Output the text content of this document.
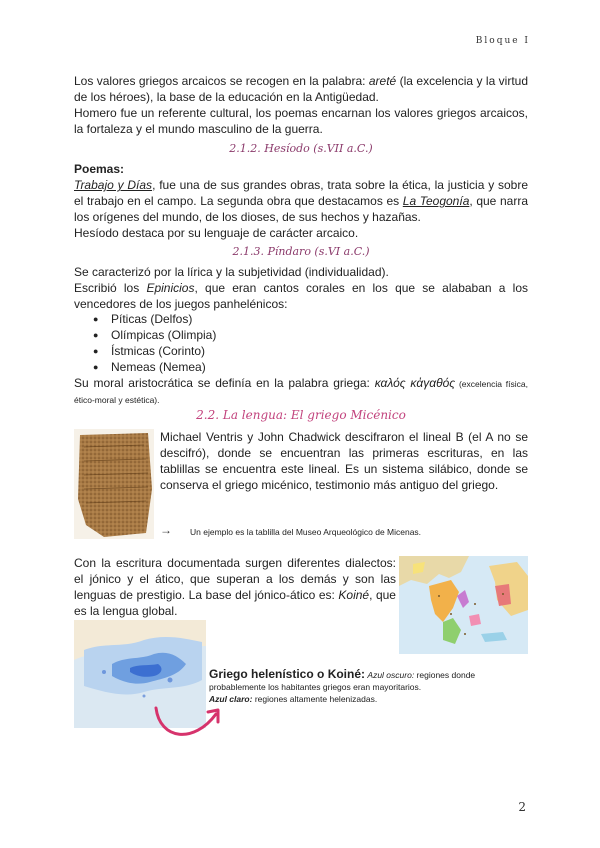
Bloque I
Los valores griegos arcaicos se recogen en la palabra: areté (la excelencia y la virtud de los héroes), la base de la educación en la Antigüedad.
Homero fue un referente cultural, los poemas encarnan los valores griegos arcaicos, la fortaleza y el mundo masculino de la guerra.
2.1.2. Hesíodo (s.VII a.C.)
Poemas:
Trabajo y Días, fue una de sus grandes obras, trata sobre la ética, la justicia y sobre el trabajo en el campo. La segunda obra que destacamos es La Teogonía, que narra los orígenes del mundo, de los dioses, de sus hechos y hazañas.
Hesíodo destaca por su lenguaje de carácter arcaico.
2.1.3. Píndaro (s.VI a.C.)
Se caracterizó por la lírica y la subjetividad (individualidad).
Escribió los Epinicios, que eran cantos corales en los que se alababan a los vencedores de los juegos panhelénicos:
● Píticas (Delfos)
● Olímpicas (Olimpia)
● Ístmicas (Corinto)
● Nemeas (Nemea)
Su moral aristocrática se definía en la palabra griega: καλός κἀγαθός (excelencia física, ético-moral y estética).
2.2. La lengua: El griego Micénico
Michael Ventris y John Chadwick descifraron el lineal B (el A no se descifró), donde se encuentran las primeras escrituras, en las tablillas se encuentra este lineal. Es un sistema silábico, donde se conserva el griego micénico, testimonio más antiguo del griego.
→ Un ejemplo es la tablilla del Museo Arqueológico de Micenas.
Con la escritura documentada surgen diferentes dialectos: el jónico y el ático, que superan a los demás y son las lenguas de prestigio. La base del jónico-ático es: Koiné, que es la lengua global.
Griego helenístico o Koiné: Azul oscuro: regiones donde probablemente los habitantes griegos eran mayoritarios.
Azul claro: regiones altamente helenizadas.
2
